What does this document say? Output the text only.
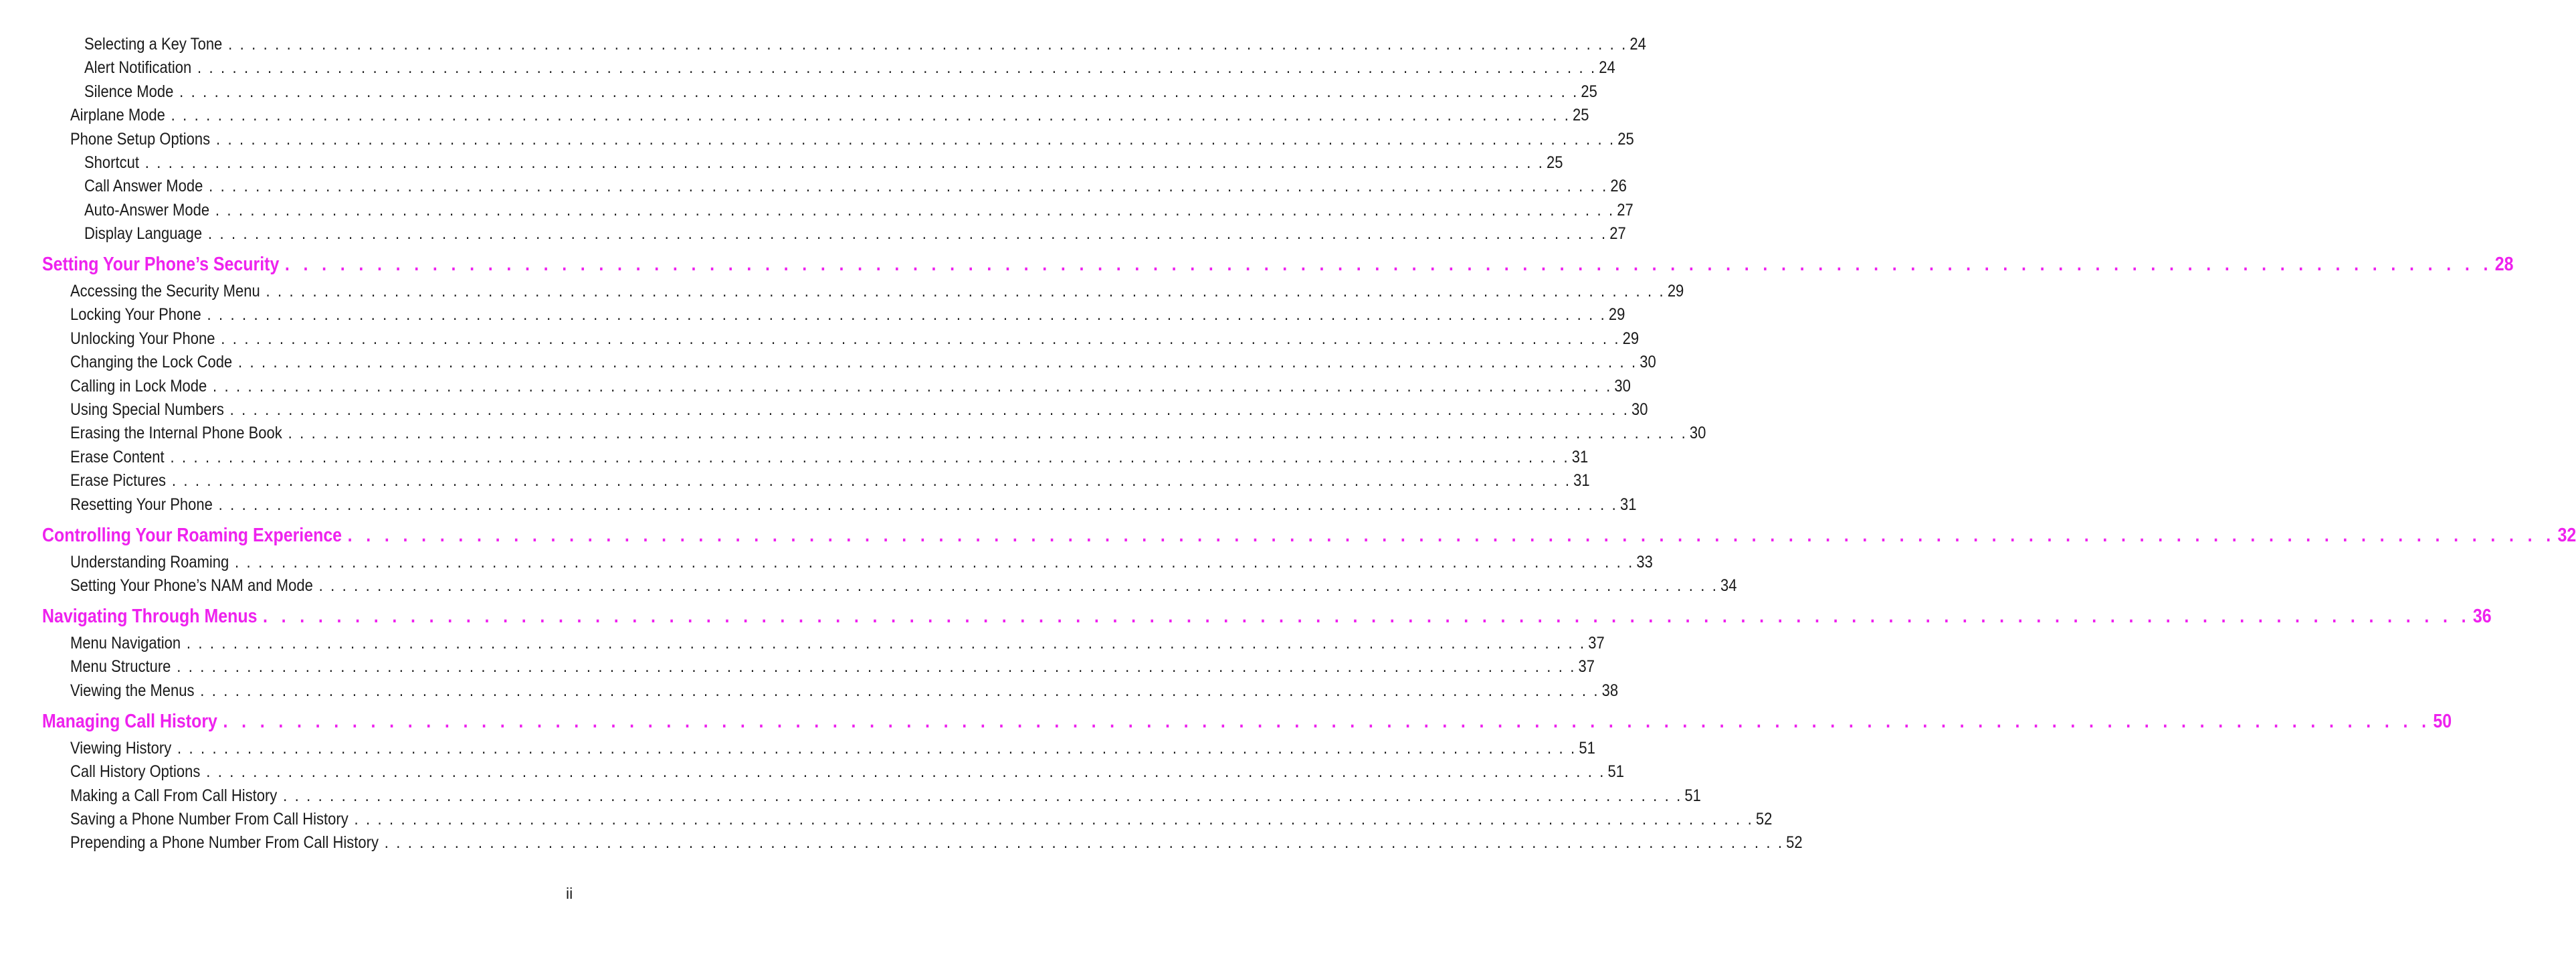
Selecting a Key Tone . . . . . . . . . . . . . . . . . . . . . . . . . . . . . . . . . . . . . . . . . . . . . . . . . . . . . . . . . . . . . . . . . . . . . . . . . . . . . . . . . . . . . . . . . . . . . . . . . . . . . . . . . . . . . . . . . . . . . . . . 24
Alert Notification . . . . . . . . . . . . . . . . . . . . . . . . . . . . . . . . . . . . . . . . . . . . . . . . . . . . . . . . . . . . . . . . . . . . . . . . . . . . . . . . . . . . . . . . . . . . . . . . . . . . . . . . . . . . . . . . . . . . . . . . 24
Silence Mode . . . . . . . . . . . . . . . . . . . . . . . . . . . . . . . . . . . . . . . . . . . . . . . . . . . . . . . . . . . . . . . . . . . . . . . . . . . . . . . . . . . . . . . . . . . . . . . . . . . . . . . . . . . . . . . . . . . . . . . . 25
Airplane Mode . . . . . . . . . . . . . . . . . . . . . . . . . . . . . . . . . . . . . . . . . . . . . . . . . . . . . . . . . . . . . . . . . . . . . . . . . . . . . . . . . . . . . . . . . . . . . . . . . . . . . . . . . . . . . . . . . . . . . . . . 25
Phone Setup Options . . . . . . . . . . . . . . . . . . . . . . . . . . . . . . . . . . . . . . . . . . . . . . . . . . . . . . . . . . . . . . . . . . . . . . . . . . . . . . . . . . . . . . . . . . . . . . . . . . . . . . . . . . . . . . . . . . . . . . . . 25
Shortcut . . . . . . . . . . . . . . . . . . . . . . . . . . . . . . . . . . . . . . . . . . . . . . . . . . . . . . . . . . . . . . . . . . . . . . . . . . . . . . . . . . . . . . . . . . . . . . . . . . . . . . . . . . . . . . . . . . . . . . . . 25
Call Answer Mode . . . . . . . . . . . . . . . . . . . . . . . . . . . . . . . . . . . . . . . . . . . . . . . . . . . . . . . . . . . . . . . . . . . . . . . . . . . . . . . . . . . . . . . . . . . . . . . . . . . . . . . . . . . . . . . . . . . . . . . . 26
Auto-Answer Mode . . . . . . . . . . . . . . . . . . . . . . . . . . . . . . . . . . . . . . . . . . . . . . . . . . . . . . . . . . . . . . . . . . . . . . . . . . . . . . . . . . . . . . . . . . . . . . . . . . . . . . . . . . . . . . . . . . . . . . . . 27
Display Language . . . . . . . . . . . . . . . . . . . . . . . . . . . . . . . . . . . . . . . . . . . . . . . . . . . . . . . . . . . . . . . . . . . . . . . . . . . . . . . . . . . . . . . . . . . . . . . . . . . . . . . . . . . . . . . . . . . . . . . . 27
Setting Your Phone’s Security . . . . . . . . . . . . . . . . . . . . . . . . . . . . . . . . . . . . . . . . . . . . . . . . . . . . . . . . . . . . . . . . . . . . . . . . . . . . . . . . . . . . . . . . . . . . . . . . . . . . . . . . . . . . . . . . . . . . . . . . 28
Accessing the Security Menu . . . . . . . . . . . . . . . . . . . . . . . . . . . . . . . . . . . . . . . . . . . . . . . . . . . . . . . . . . . . . . . . . . . . . . . . . . . . . . . . . . . . . . . . . . . . . . . . . . . . . . . . . . . . . . . . . . . . . . . . 29
Locking Your Phone . . . . . . . . . . . . . . . . . . . . . . . . . . . . . . . . . . . . . . . . . . . . . . . . . . . . . . . . . . . . . . . . . . . . . . . . . . . . . . . . . . . . . . . . . . . . . . . . . . . . . . . . . . . . . . . . . . . . . . . . 29
Unlocking Your Phone . . . . . . . . . . . . . . . . . . . . . . . . . . . . . . . . . . . . . . . . . . . . . . . . . . . . . . . . . . . . . . . . . . . . . . . . . . . . . . . . . . . . . . . . . . . . . . . . . . . . . . . . . . . . . . . . . . . . . . . . 29
Changing the Lock Code . . . . . . . . . . . . . . . . . . . . . . . . . . . . . . . . . . . . . . . . . . . . . . . . . . . . . . . . . . . . . . . . . . . . . . . . . . . . . . . . . . . . . . . . . . . . . . . . . . . . . . . . . . . . . . . . . . . . . . . . 30
Calling in Lock Mode . . . . . . . . . . . . . . . . . . . . . . . . . . . . . . . . . . . . . . . . . . . . . . . . . . . . . . . . . . . . . . . . . . . . . . . . . . . . . . . . . . . . . . . . . . . . . . . . . . . . . . . . . . . . . . . . . . . . . . . . 30
Using Special Numbers . . . . . . . . . . . . . . . . . . . . . . . . . . . . . . . . . . . . . . . . . . . . . . . . . . . . . . . . . . . . . . . . . . . . . . . . . . . . . . . . . . . . . . . . . . . . . . . . . . . . . . . . . . . . . . . . . . . . . . . . 30
Erasing the Internal Phone Book . . . . . . . . . . . . . . . . . . . . . . . . . . . . . . . . . . . . . . . . . . . . . . . . . . . . . . . . . . . . . . . . . . . . . . . . . . . . . . . . . . . . . . . . . . . . . . . . . . . . . . . . . . . . . . . . . . . . . . . . 30
Erase Content . . . . . . . . . . . . . . . . . . . . . . . . . . . . . . . . . . . . . . . . . . . . . . . . . . . . . . . . . . . . . . . . . . . . . . . . . . . . . . . . . . . . . . . . . . . . . . . . . . . . . . . . . . . . . . . . . . . . . . . . 31
Erase Pictures . . . . . . . . . . . . . . . . . . . . . . . . . . . . . . . . . . . . . . . . . . . . . . . . . . . . . . . . . . . . . . . . . . . . . . . . . . . . . . . . . . . . . . . . . . . . . . . . . . . . . . . . . . . . . . . . . . . . . . . . 31
Resetting Your Phone . . . . . . . . . . . . . . . . . . . . . . . . . . . . . . . . . . . . . . . . . . . . . . . . . . . . . . . . . . . . . . . . . . . . . . . . . . . . . . . . . . . . . . . . . . . . . . . . . . . . . . . . . . . . . . . . . . . . . . . . 31
Controlling Your Roaming Experience . . . . . . . . . . . . . . . . . . . . . . . . . . . . . . . . . . . . . . . . . . . . . . . . . . . . . . . . . . . . . . . . . . . . . . . . . . . . . . . . . . . . . . . . . . . . . . . . . . . . . . . . . . . . . . . . . . . . . . . . 32
Understanding Roaming . . . . . . . . . . . . . . . . . . . . . . . . . . . . . . . . . . . . . . . . . . . . . . . . . . . . . . . . . . . . . . . . . . . . . . . . . . . . . . . . . . . . . . . . . . . . . . . . . . . . . . . . . . . . . . . . . . . . . . . . 33
Setting Your Phone’s NAM and Mode . . . . . . . . . . . . . . . . . . . . . . . . . . . . . . . . . . . . . . . . . . . . . . . . . . . . . . . . . . . . . . . . . . . . . . . . . . . . . . . . . . . . . . . . . . . . . . . . . . . . . . . . . . . . . . . . . . . . . . . . 34
Navigating Through Menus . . . . . . . . . . . . . . . . . . . . . . . . . . . . . . . . . . . . . . . . . . . . . . . . . . . . . . . . . . . . . . . . . . . . . . . . . . . . . . . . . . . . . . . . . . . . . . . . . . . . . . . . . . . . . . . . . . . . . . . . 36
Menu Navigation . . . . . . . . . . . . . . . . . . . . . . . . . . . . . . . . . . . . . . . . . . . . . . . . . . . . . . . . . . . . . . . . . . . . . . . . . . . . . . . . . . . . . . . . . . . . . . . . . . . . . . . . . . . . . . . . . . . . . . . . 37
Menu Structure . . . . . . . . . . . . . . . . . . . . . . . . . . . . . . . . . . . . . . . . . . . . . . . . . . . . . . . . . . . . . . . . . . . . . . . . . . . . . . . . . . . . . . . . . . . . . . . . . . . . . . . . . . . . . . . . . . . . . . . . 37
Viewing the Menus . . . . . . . . . . . . . . . . . . . . . . . . . . . . . . . . . . . . . . . . . . . . . . . . . . . . . . . . . . . . . . . . . . . . . . . . . . . . . . . . . . . . . . . . . . . . . . . . . . . . . . . . . . . . . . . . . . . . . . . . 38
Managing Call History . . . . . . . . . . . . . . . . . . . . . . . . . . . . . . . . . . . . . . . . . . . . . . . . . . . . . . . . . . . . . . . . . . . . . . . . . . . . . . . . . . . . . . . . . . . . . . . . . . . . . . . . . . . . . . . . . . . . . . . . 50
Viewing History . . . . . . . . . . . . . . . . . . . . . . . . . . . . . . . . . . . . . . . . . . . . . . . . . . . . . . . . . . . . . . . . . . . . . . . . . . . . . . . . . . . . . . . . . . . . . . . . . . . . . . . . . . . . . . . . . . . . . . . . 51
Call History Options . . . . . . . . . . . . . . . . . . . . . . . . . . . . . . . . . . . . . . . . . . . . . . . . . . . . . . . . . . . . . . . . . . . . . . . . . . . . . . . . . . . . . . . . . . . . . . . . . . . . . . . . . . . . . . . . . . . . . . . . 51
Making a Call From Call History . . . . . . . . . . . . . . . . . . . . . . . . . . . . . . . . . . . . . . . . . . . . . . . . . . . . . . . . . . . . . . . . . . . . . . . . . . . . . . . . . . . . . . . . . . . . . . . . . . . . . . . . . . . . . . . . . . . . . . . . 51
Saving a Phone Number From Call History . . . . . . . . . . . . . . . . . . . . . . . . . . . . . . . . . . . . . . . . . . . . . . . . . . . . . . . . . . . . . . . . . . . . . . . . . . . . . . . . . . . . . . . . . . . . . . . . . . . . . . . . . . . . . . . . . . . . . . . . 52
Prepending a Phone Number From Call History . . . . . . . . . . . . . . . . . . . . . . . . . . . . . . . . . . . . . . . . . . . . . . . . . . . . . . . . . . . . . . . . . . . . . . . . . . . . . . . . . . . . . . . . . . . . . . . . . . . . . . . . . . . . . . . . . . . . . . . . 52
ii
